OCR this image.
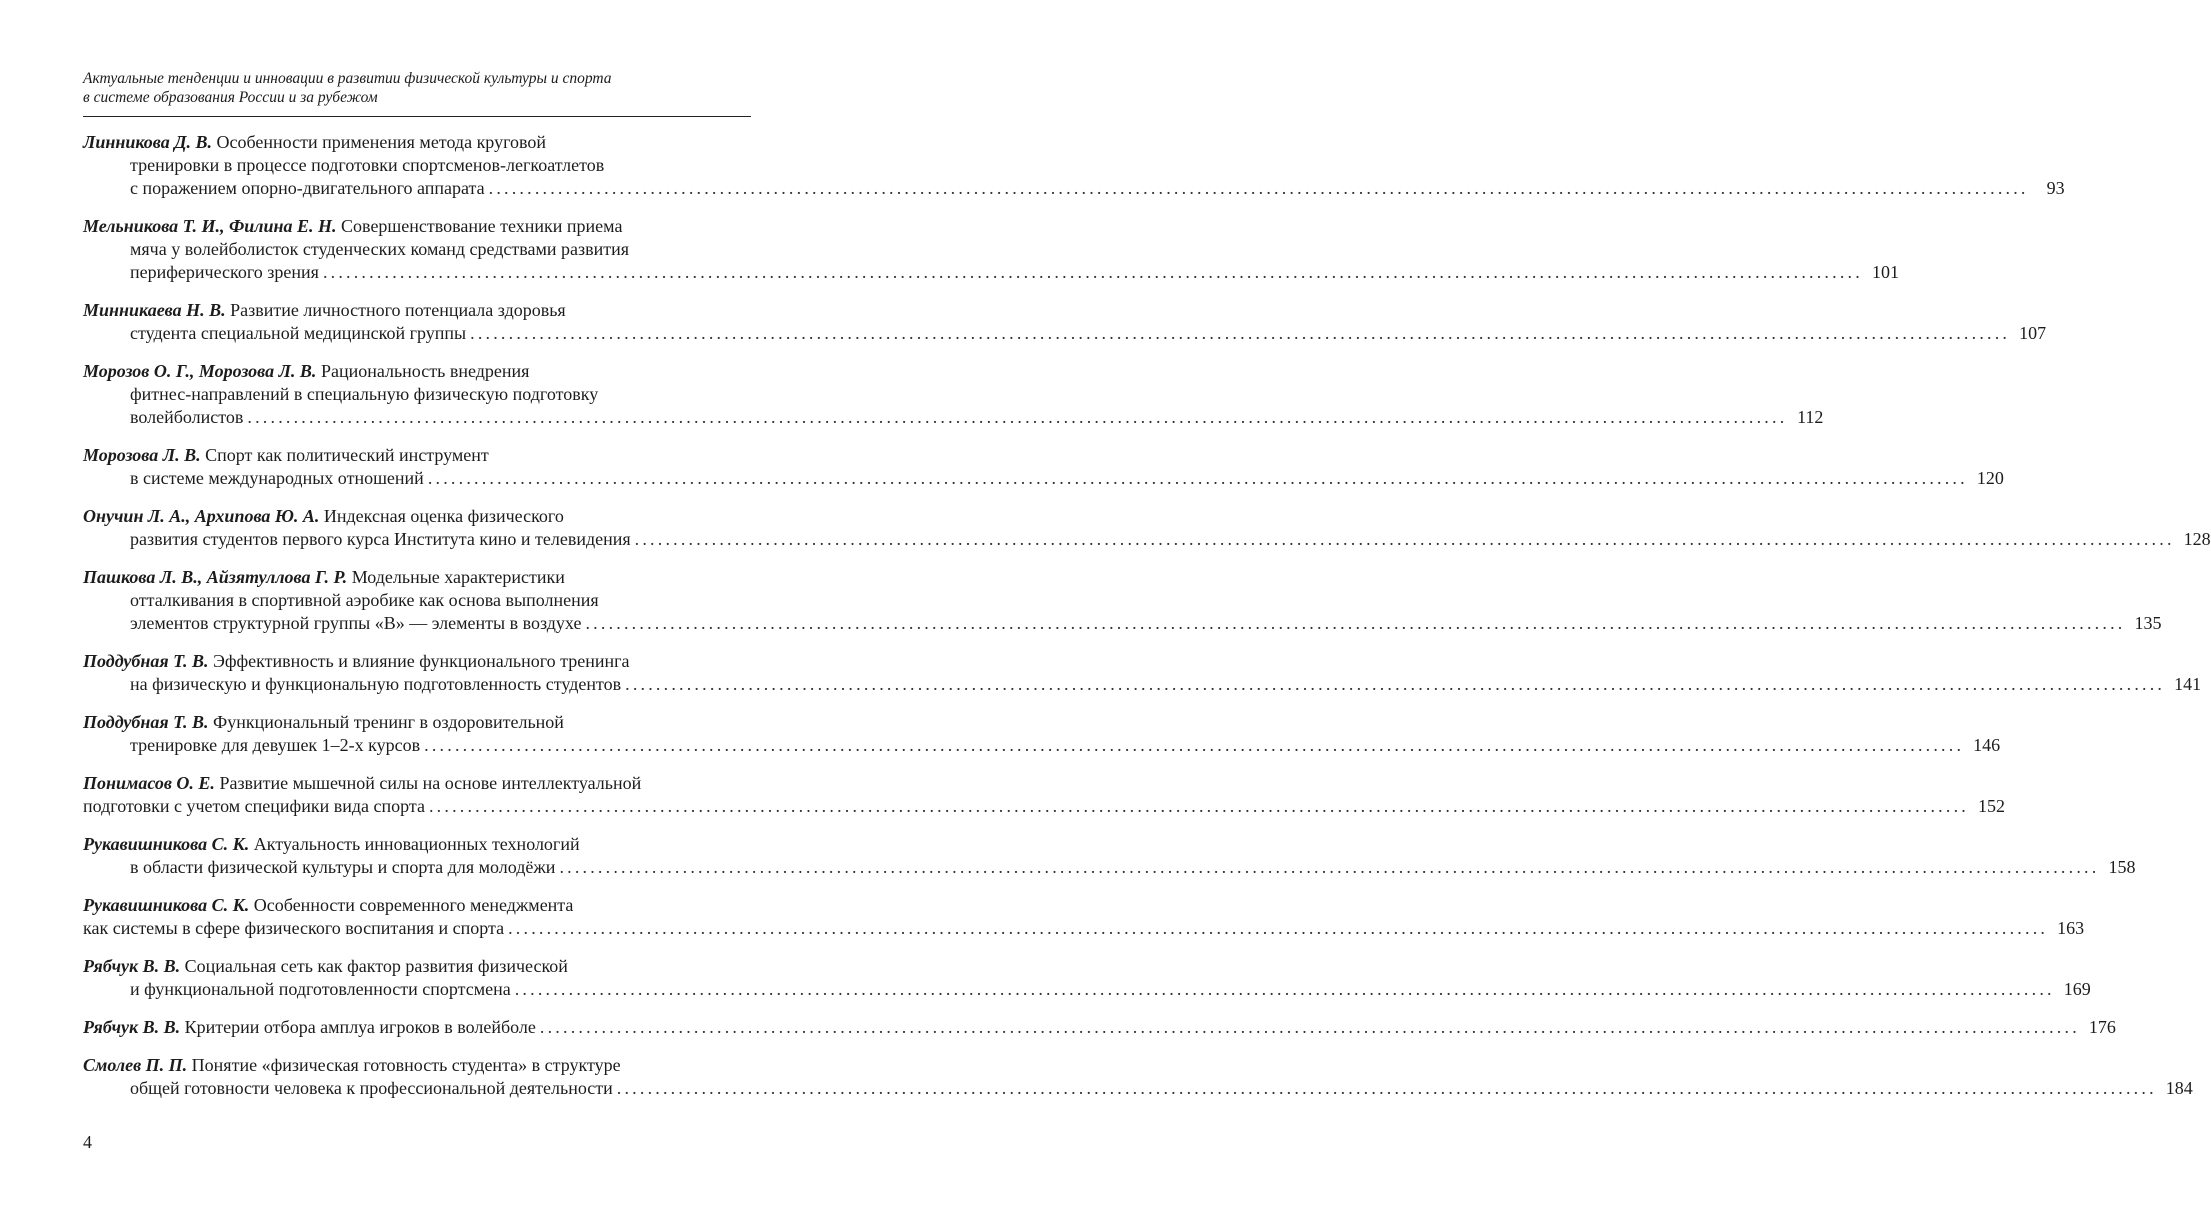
Актуальные тенденции и инновации в развитии физической культуры и спорта
в системе образования России и за рубежом
Линникова Д. В.
Особенности применения метода круговой
тренировки в процессе подготовки спортсменов-легкоатлетов
с поражением опорно-двигательного аппарата ........................................................................................................................................................................................................	93
Мельникова Т. И., Филина Е. Н.
Совершенствование техники приема
мяча у волейболисток студенческих команд средствами развития
периферического зрения ........................................................................................................................................................................................................ 101
Минникаева Н. В.
Развитие личностного потенциала здоровья
студента специальной медицинской группы ........................................................................................................................................................................................................ 107
Морозов О. Г., Морозова Л. В.
Рациональность внедрения
фитнес-направлений в специальную физическую подготовку
волейболистов ........................................................................................................................................................................................................ 112
Морозова Л. В.
Спорт как политический инструмент
в системе международных отношений ........................................................................................................................................................................................................ 120
Онучин Л. А., Архипова Ю. А.
Индексная оценка физического
развития студентов первого курса Института кино и телевидения ........................................................................................................................................................................................................ 128
Пашкова Л. В., Айзятуллова Г. Р.
Модельные характеристики
отталкивания в спортивной аэробике как основа выполнения
элементов структурной группы «В» — элементы в воздухе ........................................................................................................................................................................................................ 135
Поддубная Т. В.
Эффективность и влияние функционального тренинга
на физическую и функциональную подготовленность студентов ........................................................................................................................................................................................................ 141
Поддубная Т. В.
Функциональный тренинг в оздоровительной
тренировке для девушек 1–2-х курсов ........................................................................................................................................................................................................ 146
Понимасов О. Е.
Развитие мышечной силы на основе интеллектуальной
подготовки с учетом специфики вида спорта ........................................................................................................................................................................................................ 152
Рукавишникова С. К.
Актуальность инновационных технологий
в области физической культуры и спорта для молодёжи ........................................................................................................................................................................................................ 158
Рукавишникова С. К.
Особенности современного менеджмента
как системы в сфере физического воспитания и спорта ........................................................................................................................................................................................................ 163
Рябчук В. В.
Социальная сеть как фактор развития физической
и функциональной подготовленности спортсмена ........................................................................................................................................................................................................ 169
Рябчук В. В. Критерии отбора амплуа игроков в волейболе ........................................................................................................................................................................................................ 176
Смолев П. П.
Понятие «физическая готовность студента» в структуре
общей готовности человека к профессиональной деятельности ........................................................................................................................................................................................................ 184
4
